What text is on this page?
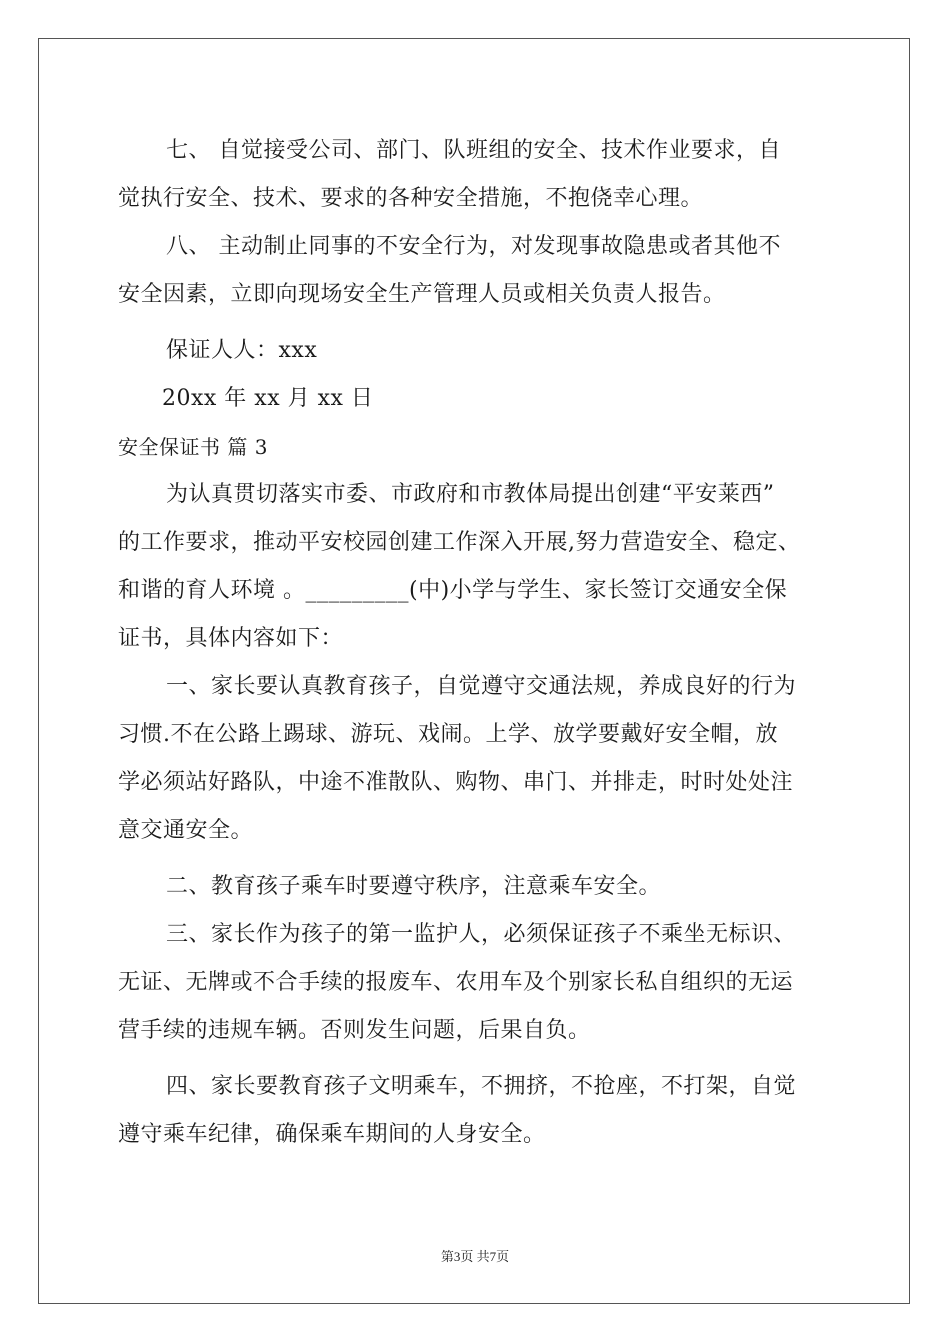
七、 自觉接受公司、部门、队班组的安全、技术作业要求，自
觉执行安全、技术、要求的各种安全措施，不抱侥幸心理。
八、 主动制止同事的不安全行为，对发现事故隐患或者其他不
安全因素，立即向现场安全生产管理人员或相关负责人报告。
保证人人：xxx
20xx 年 xx 月 xx 日
安全保证书 篇 3
为认真贯切落实市委、市政府和市教体局提出创建“平安莱西”
的工作要求，推动平安校园创建工作深入开展,努力营造安全、稳定、
和谐的育人环境 。_________(中)小学与学生、家长签订交通安全保
证书，具体内容如下：
一、家长要认真教育孩子，自觉遵守交通法规，养成良好的行为
习惯.不在公路上踢球、游玩、戏闹。上学、放学要戴好安全帽，放
学必须站好路队，中途不准散队、购物、串门、并排走，时时处处注
意交通安全。
二、教育孩子乘车时要遵守秩序，注意乘车安全。
三、家长作为孩子的第一监护人，必须保证孩子不乘坐无标识、
无证、无牌或不合手续的报废车、农用车及个别家长私自组织的无运
营手续的违规车辆。否则发生问题，后果自负。
四、家长要教育孩子文明乘车，不拥挤，不抢座，不打架，自觉
遵守乘车纪律，确保乘车期间的人身安全。
第3页 共7页
